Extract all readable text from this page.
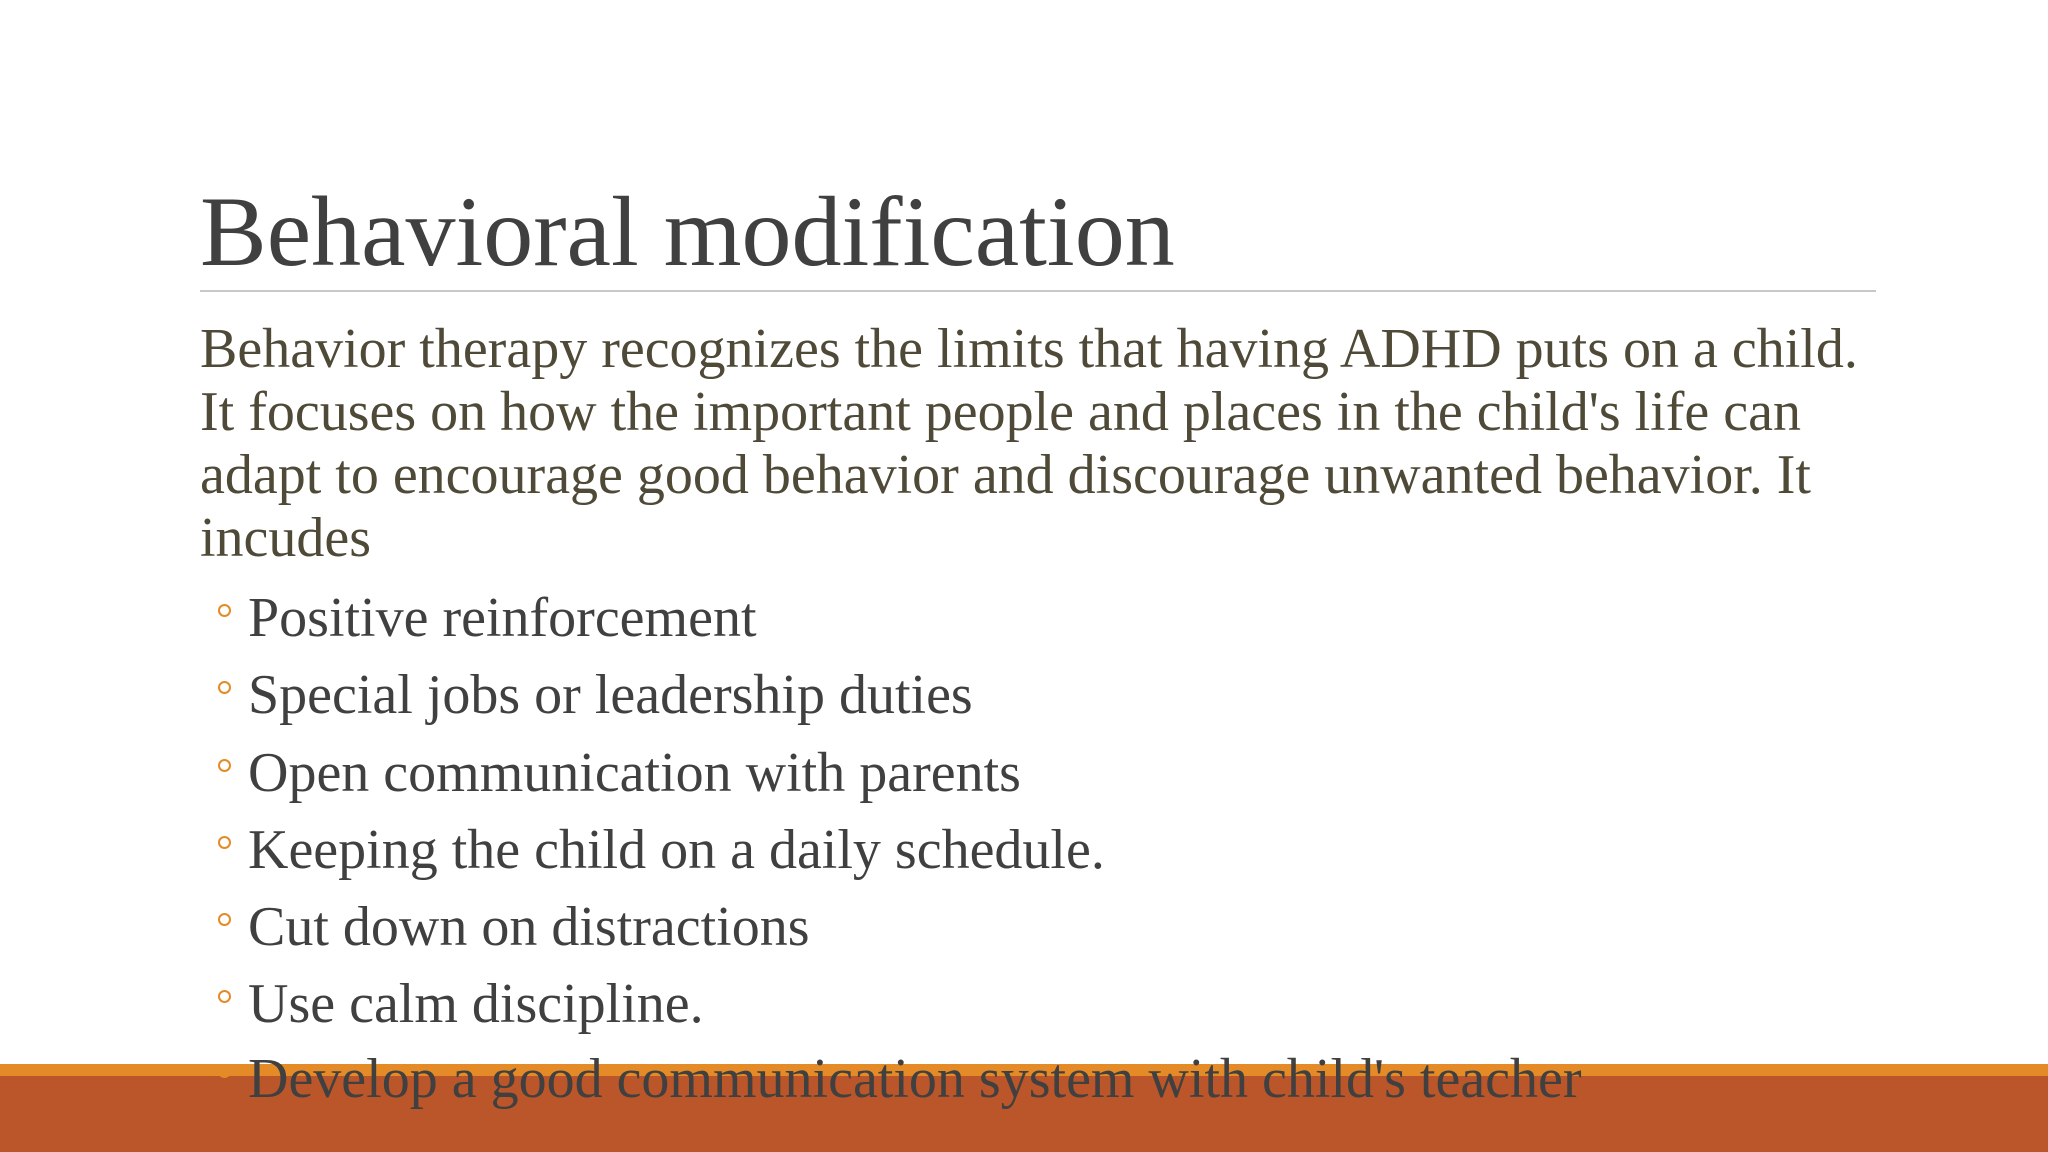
Behavioral modification
Behavior therapy recognizes the limits that having ADHD puts on a child. It focuses on how the important people and places in the child's life can adapt to encourage good behavior and discourage unwanted behavior. It incudes
Positive reinforcement
Special jobs or leadership duties
Open communication with parents
Keeping the child on a daily schedule.
Cut down on distractions
Use calm discipline.
Develop a good communication system with child's teacher
